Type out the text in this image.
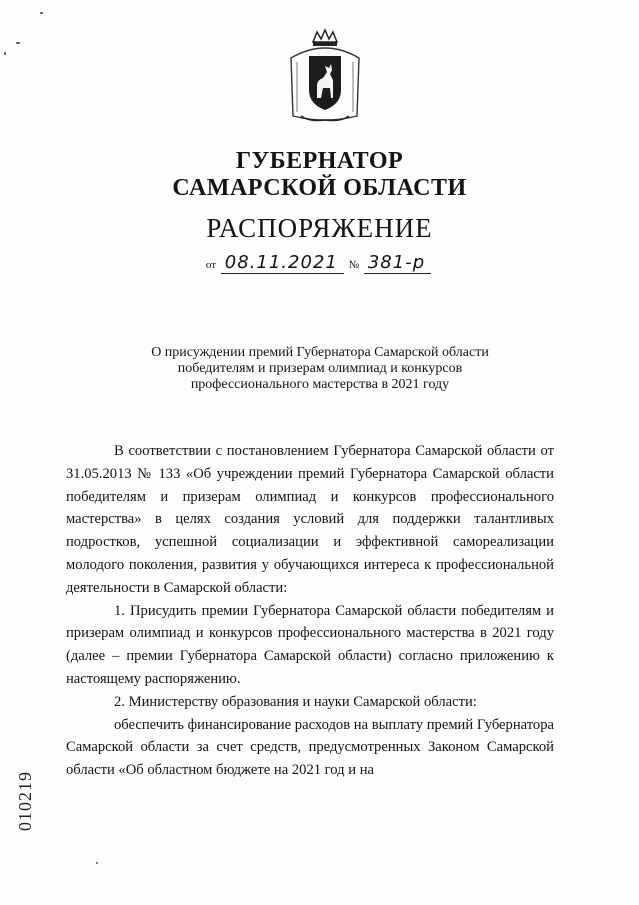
ГУБЕРНАТОР
САМАРСКОЙ ОБЛАСТИ
РАСПОРЯЖЕНИЕ
от 08.11.2021 № 381-р
О присуждении премий Губернатора Самарской области
победителям и призерам олимпиад и конкурсов
профессионального мастерства в 2021 году

В соответствии с постановлением Губернатора Самарской области от 31.05.2013 № 133 «Об учреждении премий Губернатора Самарской области победителям и призерам олимпиад и конкурсов профессионального мастерства» в целях создания условий для поддержки талантливых подростков, успешной социализации и эффективной самореализации молодого поколения, развития у обучающихся интереса к профессиональной деятельности в Самарской области:

1. Присудить премии Губернатора Самарской области победителям и призерам олимпиад и конкурсов профессионального мастерства в 2021 году (далее – премии Губернатора Самарской области) согласно приложению к настоящему распоряжению.

2. Министерству образования и науки Самарской области:

обеспечить финансирование расходов на выплату премий Губернатора Самарской области за счет средств, предусмотренных Законом Самарской области «Об областном бюджете на 2021 год и на

010219
